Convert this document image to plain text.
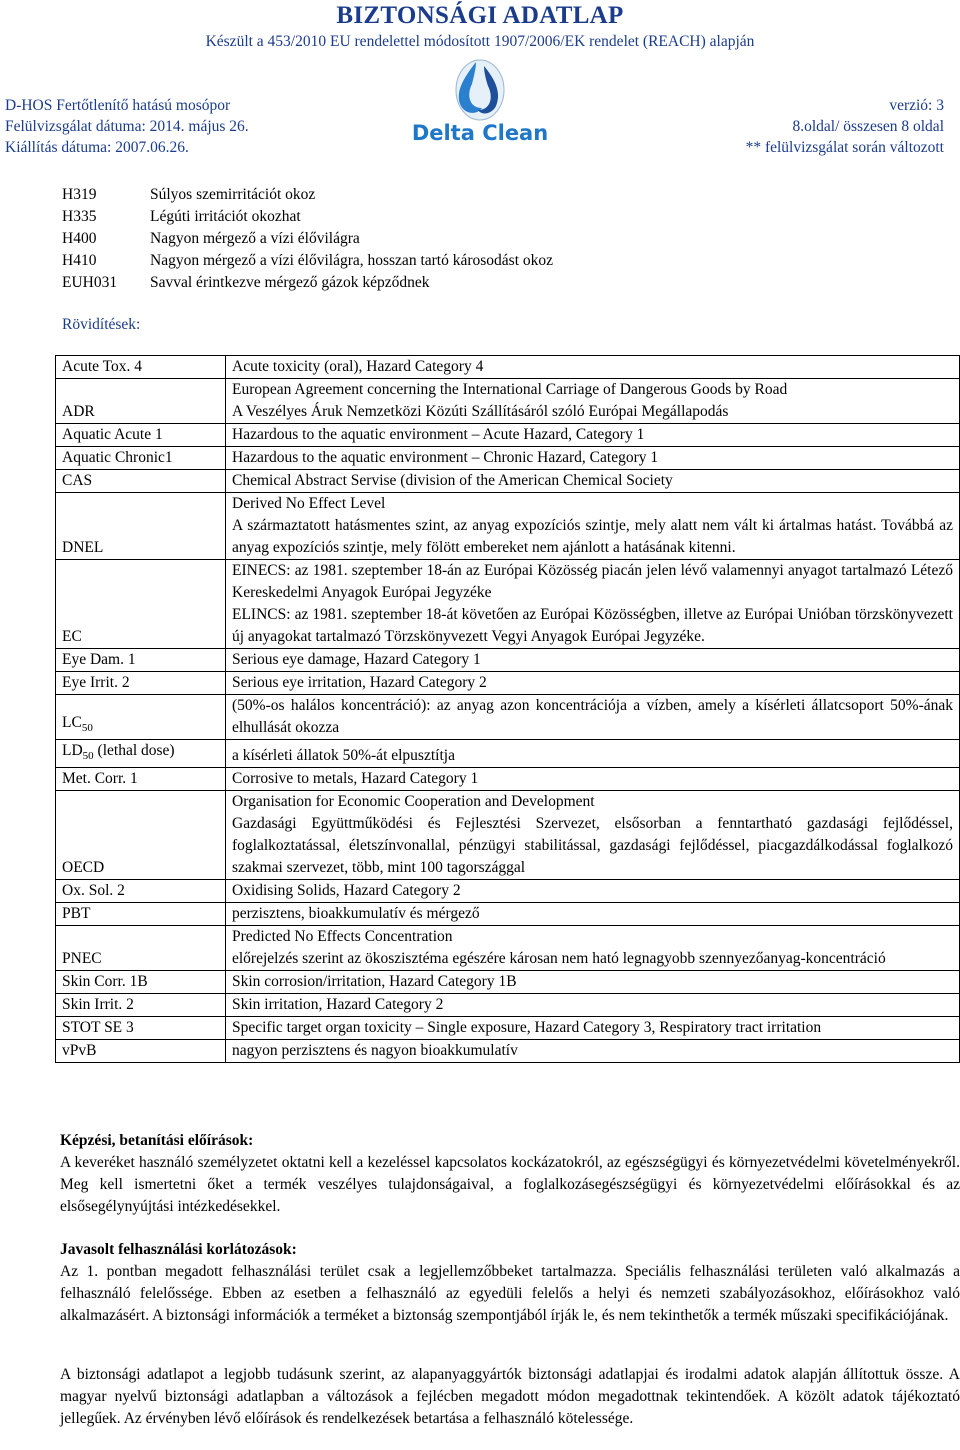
BIZTONSÁGI ADATLAP
Készült a 453/2010 EU rendelettel módosított 1907/2006/EK rendelet (REACH) alapján
D-HOS Fertőtlenítő hatású mosópor
Felülvizsgálat dátuma: 2014. május 26.
Kiállítás dátuma: 2007.06.26.
Delta Clean
verzió: 3
8.oldal/ összesen 8 oldal
** felülvizsgálat során változott
H319	Súlyos szemirritációt okoz
H335	Légúti irritációt okozhat
H400	Nagyon mérgező a vízi élővilágra
H410	Nagyon mérgező a vízi élővilágra, hosszan tartó károsodást okoz
EUH031	Savval érintkezve mérgező gázok képződnek
Rövidítések:
Acute Tox. 4	Acute toxicity (oral), Hazard Category 4
ADR	European Agreement concerning the International Carriage of Dangerous Goods by Road
A Veszélyes Áruk Nemzetközi Közúti Szállításáról szóló Európai Megállapodás
Aquatic Acute 1	Hazardous to the aquatic environment – Acute Hazard, Category 1
Aquatic Chronic1	Hazardous to the aquatic environment – Chronic Hazard, Category 1
CAS	Chemical Abstract Servise (division of the American Chemical Society
DNEL	Derived No Effect Level
A származtatott hatásmentes szint, az anyag expozíciós szintje, mely alatt nem vált ki ártalmas hatást. Továbbá az anyag expozíciós szintje, mely fölött embereket nem ajánlott a hatásának kitenni.
EC	EINECS: az 1981. szeptember 18-án az Európai Közösség piacán jelen lévő valamennyi anyagot tartalmazó Létező Kereskedelmi Anyagok Európai Jegyzéke
ELINCS: az 1981. szeptember 18-át követően az Európai Közösségben, illetve az Európai Unióban törzskönyvezett új anyagokat tartalmazó Törzskönyvezett Vegyi Anyagok Európai Jegyzéke.
Eye Dam. 1	Serious eye damage, Hazard Category 1
Eye Irrit. 2	Serious eye irritation, Hazard Category 2
$LC_{50}$	(50%-os halálos koncentráció): az anyag azon koncentrációja a vízben, amely a kísérleti állatcsoport 50%-ának elhullását okozza
$LD_{50}$ (lethal dose)	a kísérleti állatok 50%-át elpusztítja
Met. Corr. 1	Corrosive to metals, Hazard Category 1
OECD	Organisation for Economic Cooperation and Development
Gazdasági Együttműködési és Fejlesztési Szervezet, elsősorban a fenntartható gazdasági fejlődéssel, foglalkoztatással, életszínvonallal, pénzügyi stabilitással, gazdasági fejlődéssel, piacgazdálkodással foglalkozó szakmai szervezet, több, mint 100 tagországgal
Ox. Sol. 2	Oxidising Solids, Hazard Category 2
PBT	perzisztens, bioakkumulatív és mérgező
PNEC	Predicted No Effects Concentration
előrejelzés szerint az ökoszisztéma egészére károsan nem ható legnagyobb szennyezőanyag-koncentráció
Skin Corr. 1B	Skin corrosion/irritation, Hazard Category 1B
Skin Irrit. 2	Skin irritation, Hazard Category 2
STOT SE 3	Specific target organ toxicity – Single exposure, Hazard Category 3, Respiratory tract irritation
vPvB	nagyon perzisztens és nagyon bioakkumulatív
Képzési, betanítási előírások:
A keveréket használó személyzetet oktatni kell a kezeléssel kapcsolatos kockázatokról, az egészségügyi és környezetvédelmi követelményekről. Meg kell ismertetni őket a termék veszélyes tulajdonságaival, a foglalkozásegészségügyi és környezetvédelmi előírásokkal és az elsősegélynyújtási intézkedésekkel.
Javasolt felhasználási korlátozások:
Az 1. pontban megadott felhasználási terület csak a legjellemzőbbeket tartalmazza. Speciális felhasználási területen való alkalmazás a felhasználó felelőssége. Ebben az esetben a felhasználó az egyedüli felelős a helyi és nemzeti szabályozásokhoz, előírásokhoz való alkalmazásért. A biztonsági információk a terméket a biztonság szempontjából írják le, és nem tekinthetők a termék műszaki specifikációjának.
A biztonsági adatlapot a legjobb tudásunk szerint, az alapanyaggyártók biztonsági adatlapjai és irodalmi adatok alapján állítottuk össze. A magyar nyelvű biztonsági adatlapban a változások a fejlécben megadott módon megadottnak tekintendőek. A közölt adatok tájékoztató jellegűek. Az érvényben lévő előírások és rendelkezések betartása a felhasználó kötelessége.
